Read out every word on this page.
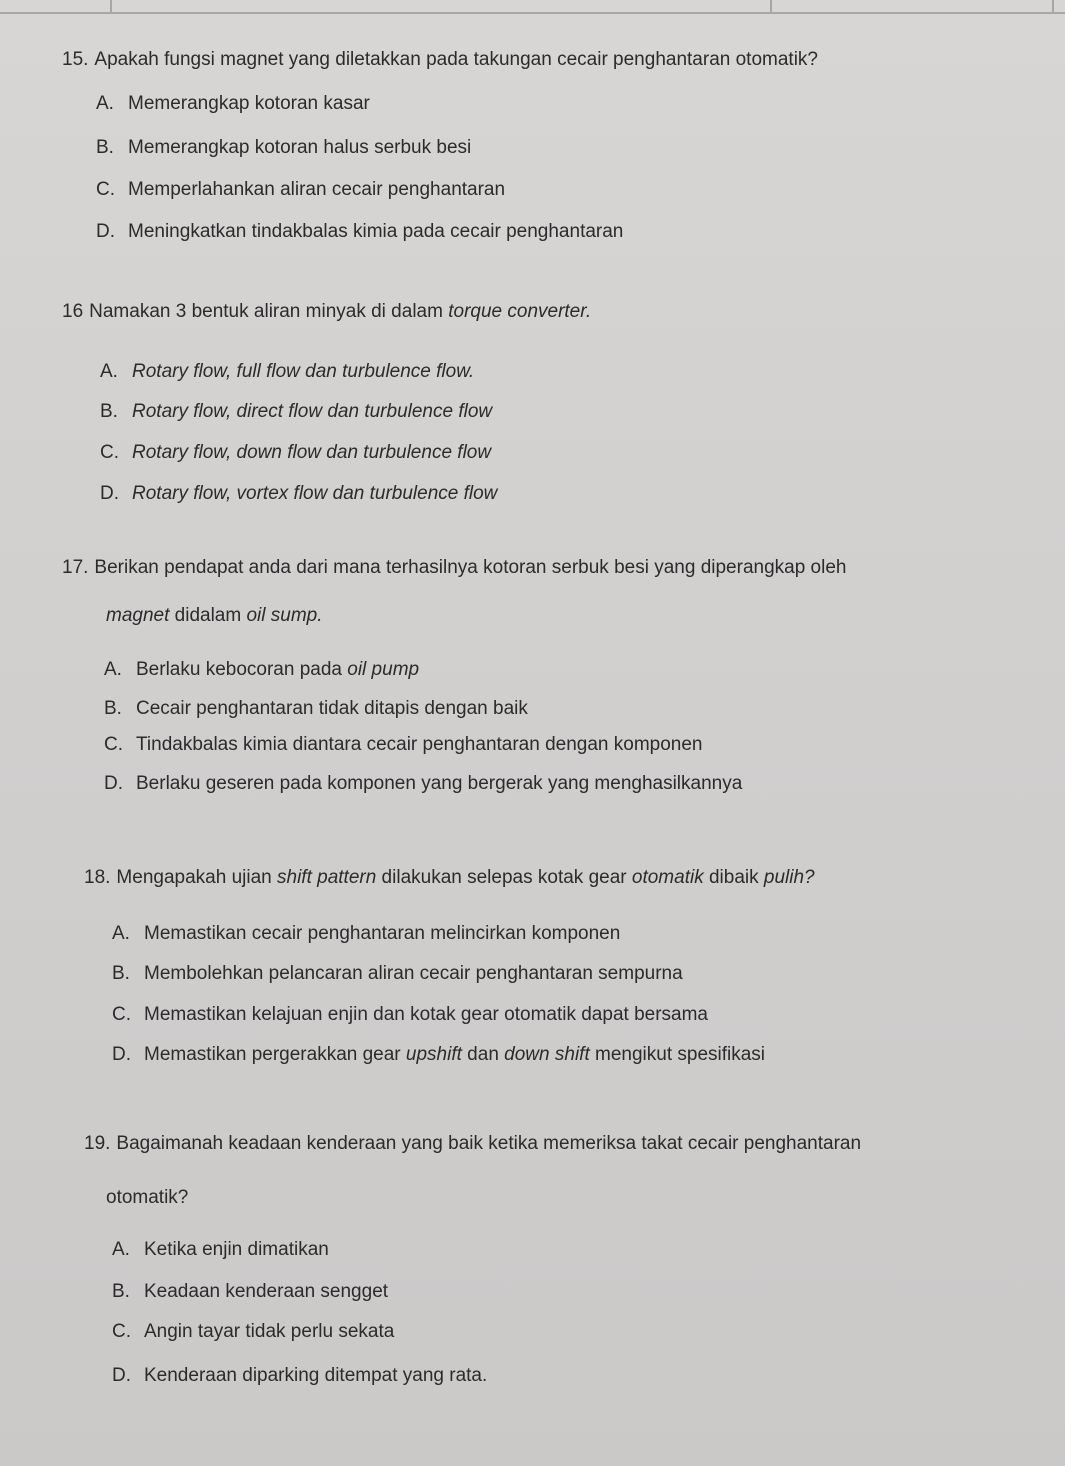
15. Apakah fungsi magnet yang diletakkan pada takungan cecair penghantaran otomatik?
A. Memerangkap kotoran kasar
B. Memerangkap kotoran halus serbuk besi
C. Memperlahankan aliran cecair penghantaran
D. Meningkatkan tindakbalas kimia pada cecair penghantaran
16 Namakan 3 bentuk aliran minyak di dalam torque converter.
A. Rotary flow, full flow dan turbulence flow.
B. Rotary flow, direct flow dan turbulence flow
C. Rotary flow, down flow dan turbulence flow
D. Rotary flow, vortex flow dan turbulence flow
17. Berikan pendapat anda dari mana terhasilnya kotoran serbuk besi yang diperangkap oleh
magnet didalam oil sump.
A. Berlaku kebocoran pada oil pump
B. Cecair penghantaran tidak ditapis dengan baik
C. Tindakbalas kimia diantara cecair penghantaran dengan komponen
D. Berlaku geseren pada komponen yang bergerak yang menghasilkannya
18. Mengapakah ujian shift pattern dilakukan selepas kotak gear otomatik dibaik pulih?
A. Memastikan cecair penghantaran melincirkan komponen
B. Membolehkan pelancaran aliran cecair penghantaran sempurna
C. Memastikan kelajuan enjin dan kotak gear otomatik dapat bersama
D. Memastikan pergerakkan gear upshift dan down shift mengikut spesifikasi
19. Bagaimanah keadaan kenderaan yang baik ketika memeriksa takat cecair penghantaran
otomatik?
A. Ketika enjin dimatikan
B. Keadaan kenderaan sengget
C. Angin tayar tidak perlu sekata
D. Kenderaan diparking ditempat yang rata.
